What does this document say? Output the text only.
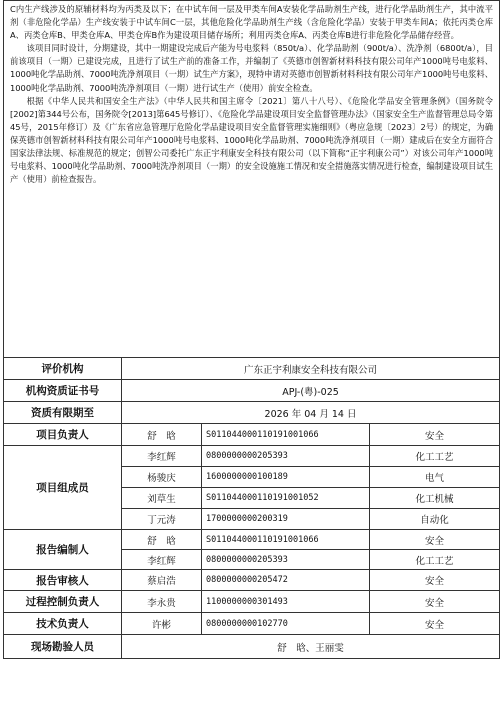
C内生产线涉及的原辅材料均为丙类及以下；在中试车间一层及甲类车间A安装化学品助剂生产线，进行化学品助剂生产，其中流平剂（非危险化学品）生产线安装于中试车间C一层，其他危险化学品助剂生产线（含危险化学品）安装于甲类车间A；依托丙类仓库A、丙类仓库B、甲类仓库A、甲类仓库B作为建设项目储存场所；利用丙类仓库A、丙类仓库B进行非危险化学品储存经营。

该项目同时设计，分期建设，其中一期建设完成后产能为号电浆料（850t/a）、化学品助剂（900t/a）、洗净剂（6800t/a），目前该项目（一期）已建设完成，且进行了试生产前的准备工作，并编制了《英德市创智新材料科技有限公司年产1000吨号电浆料、1000吨化学品助剂、7000吨洗净剂项目（一期）试生产方案》，现特申请对英德市创智新材料科技有限公司年产1000吨号电浆料、1000吨化学品助剂、7000吨洗净剂项目（一期）进行试生产（使用）前安全检查。

根据《中华人民共和国安全生产法》（中华人民共和国主席令〔2021〕第八十八号）、《危险化学品安全管理条例》（国务院令[2002]第344号公布，国务院令[2013]第645号修订）、《危险化学品建设项目安全监督管理办法》（国家安全生产监督管理总局令第45号，2015年修订）及《广东省应急管理厅危险化学品建设项目安全监督管理实施细则》（粤应急规〔2023〕2号）的规定，为确保英德市创智新材料科技有限公司年产1000吨号电浆料、1000吨化学品助剂、7000吨洗净剂项目（一期）建成后在安全方面符合国家法律法规、标准规范的规定；创智公司委托广东正宇利康安全科技有限公司（以下简称“正宇利康公司”）对该公司年产1000吨号电浆料、1000吨化学品助剂、7000吨洗净剂项目（一期）的安全设施施工情况和安全措施落实情况进行检查，编制建设项目试生产（使用）前检查报告。			

评价机构	广东正宇利康安全科技有限公司		
机构资质证书号	APJ-(粤)-025		
资质有限期至	2026 年 04 月 14 日		
项目负责人	舒　晗	S011044000110191001066	安全
项目组成员	李红辉	0800000000205393	化工工艺
	杨骏庆	1600000000100189	电气
	刘草生	S011044000110191001052	化工机械
	丁元涛	1700000000200319	自动化
报告编制人	舒　晗	S011044000110191001066	安全
	李红辉	0800000000205393	化工工艺
报告审核人	蔡启浩	0800000000205472	安全
过程控制负责人	李永贵	1100000000301493	安全
技术负责人	许彬	0800000000102770	安全
现场勘验人员	舒　晗、王丽雯		
